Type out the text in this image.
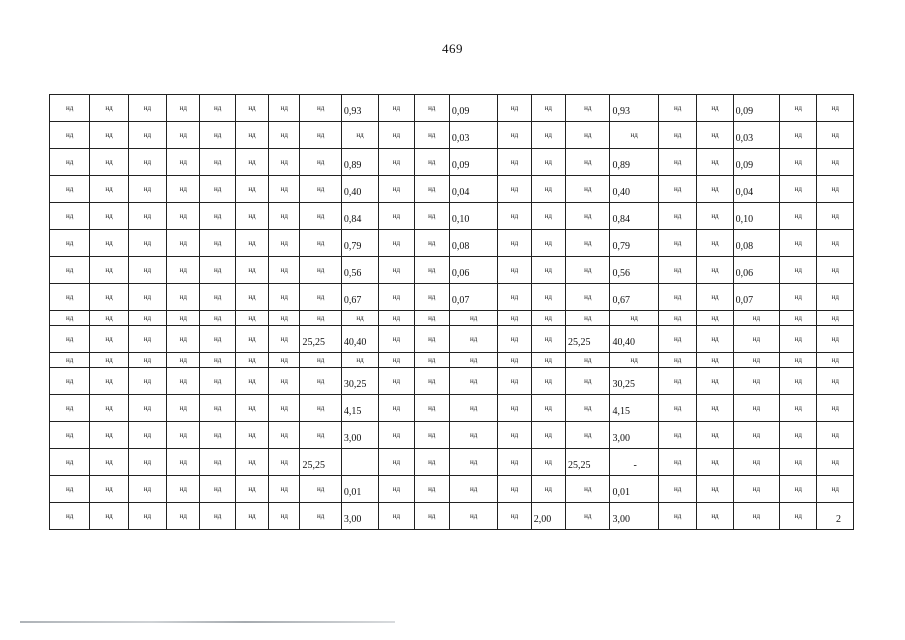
469
нд	нд	нд	нд	нд	нд	нд	нд	0,93	нд	нд	0,09	нд	нд	нд	0,93	нд	нд	0,09	нд	нд
нд	нд	нд	нд	нд	нд	нд	нд	нд	нд	нд	0,03	нд	нд	нд	нд	нд	нд	0,03	нд	нд
нд	нд	нд	нд	нд	нд	нд	нд	0,89	нд	нд	0,09	нд	нд	нд	0,89	нд	нд	0,09	нд	нд
нд	нд	нд	нд	нд	нд	нд	нд	0,40	нд	нд	0,04	нд	нд	нд	0,40	нд	нд	0,04	нд	нд
нд	нд	нд	нд	нд	нд	нд	нд	0,84	нд	нд	0,10	нд	нд	нд	0,84	нд	нд	0,10	нд	нд
нд	нд	нд	нд	нд	нд	нд	нд	0,79	нд	нд	0,08	нд	нд	нд	0,79	нд	нд	0,08	нд	нд
нд	нд	нд	нд	нд	нд	нд	нд	0,56	нд	нд	0,06	нд	нд	нд	0,56	нд	нд	0,06	нд	нд
нд	нд	нд	нд	нд	нд	нд	нд	0,67	нд	нд	0,07	нд	нд	нд	0,67	нд	нд	0,07	нд	нд
нд	нд	нд	нд	нд	нд	нд	нд	нд	нд	нд	нд	нд	нд	нд	нд	нд	нд	нд	нд	нд
нд	нд	нд	нд	нд	нд	нд	25,25	40,40	нд	нд	нд	нд	нд	25,25	40,40	нд	нд	нд	нд	нд
нд	нд	нд	нд	нд	нд	нд	нд	нд	нд	нд	нд	нд	нд	нд	нд	нд	нд	нд	нд	нд
нд	нд	нд	нд	нд	нд	нд	нд	30,25	нд	нд	нд	нд	нд	нд	30,25	нд	нд	нд	нд	нд
нд	нд	нд	нд	нд	нд	нд	нд	4,15	нд	нд	нд	нд	нд	нд	4,15	нд	нд	нд	нд	нд
нд	нд	нд	нд	нд	нд	нд	нд	3,00	нд	нд	нд	нд	нд	нд	3,00	нд	нд	нд	нд	нд
нд	нд	нд	нд	нд	нд	нд	25,25		нд	нд	нд	нд	нд	25,25	-	нд	нд	нд	нд	нд
нд	нд	нд	нд	нд	нд	нд	нд	0,01	нд	нд	нд	нд	нд	нд	0,01	нд	нд	нд	нд	нд
нд	нд	нд	нд	нд	нд	нд	нд	3,00	нд	нд	нд	нд	2,00	нд	3,00	нд	нд	нд	нд	2
